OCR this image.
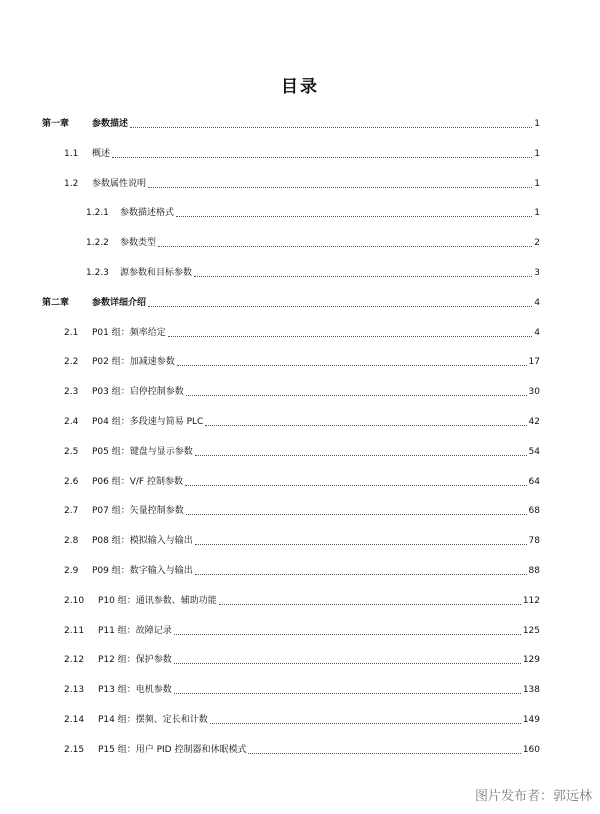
目录
第一章	参数描述	1
1.1	概述	1
1.2	参数属性说明	1
1.2.1	参数描述格式	1
1.2.2	参数类型	2
1.2.3	源参数和目标参数	3
第二章	参数详细介绍	4
2.1	P01 组：频率给定	4
2.2	P02 组：加减速参数	17
2.3	P03 组：启停控制参数	30
2.4	P04 组：多段速与简易 PLC	42
2.5	P05 组：键盘与显示参数	54
2.6	P06 组：V/F 控制参数	64
2.7	P07 组：矢量控制参数	68
2.8	P08 组：模拟输入与输出	78
2.9	P09 组：数字输入与输出	88
2.10	P10 组：通讯参数、辅助功能	112
2.11	P11 组：故障记录	125
2.12	P12 组：保护参数	129
2.13	P13 组：电机参数	138
2.14	P14 组：摆频、定长和计数	149
2.15	P15 组：用户 PID 控制器和休眠模式	160
图片发布者：郭远林
